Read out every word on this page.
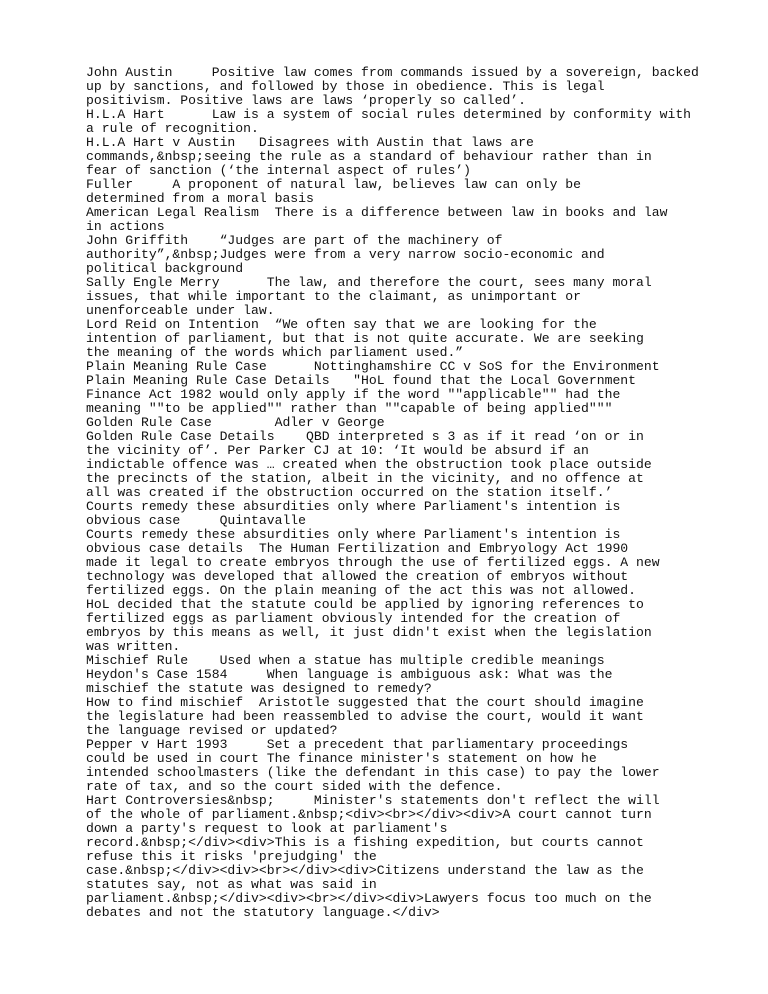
John Austin	Positive law comes from commands issued by a sovereign, backed
up by sanctions, and followed by those in obedience. This is legal
positivism. Positive laws are laws ‘properly so called’.
H.L.A Hart	Law is a system of social rules determined by conformity with
a rule of recognition.
H.L.A Hart v Austin   Disagrees with Austin that laws are
commands,&nbsp;seeing the rule as a standard of behaviour rather than in
fear of sanction (‘the internal aspect of rules’)
Fuller     A proponent of natural law, believes law can only be
determined from a moral basis
American Legal Realism	There is a difference between law in books and law
in actions
John Griffith    “Judges are part of the machinery of
authority”,&nbsp;Judges were from a very narrow socio-economic and
political background
Sally Engle Merry      The law, and therefore the court, sees many moral
issues, that while important to the claimant, as unimportant or
unenforceable under law.
Lord Reid on Intention	“We often say that we are looking for the
intention of parliament, but that is not quite accurate. We are seeking
the meaning of the words which parliament used.”
Plain Meaning Rule Case      Nottinghamshire CC v SoS for the Environment
Plain Meaning Rule Case Details   "HoL found that the Local Government
Finance Act 1982 would only apply if the word ""applicable"" had the
meaning ""to be applied"" rather than ""capable of being applied"""
Golden Rule Case	Adler v George
Golden Rule Case Details    QBD interpreted s 3 as if it read ‘on or in
the vicinity of’. Per Parker CJ at 10: ‘It would be absurd if an
indictable offence was … created when the obstruction took place outside
the precincts of the station, albeit in the vicinity, and no offence at
all was created if the obstruction occurred on the station itself.’
Courts remedy these absurdities only where Parliament's intention is
obvious case     Quintavalle
Courts remedy these absurdities only where Parliament's intention is
obvious case details  The Human Fertilization and Embryology Act 1990
made it legal to create embryos through the use of fertilized eggs. A new
technology was developed that allowed the creation of embryos without
fertilized eggs. On the plain meaning of the act this was not allowed.
HoL decided that the statute could be applied by ignoring references to
fertilized eggs as parliament obviously intended for the creation of
embryos by this means as well, it just didn't exist when the legislation
was written.
Mischief Rule    Used when a statue has multiple credible meanings
Heydon's Case 1584     When language is ambiguous ask: What was the
mischief the statute was designed to remedy?
How to find mischief  Aristotle suggested that the court should imagine
the legislature had been reassembled to advise the court, would it want
the language revised or updated?
Pepper v Hart 1993     Set a precedent that parliamentary proceedings
could be used in court The finance minister's statement on how he
intended schoolmasters (like the defendant in this case) to pay the lower
rate of tax, and so the court sided with the defence.
Hart Controversies&nbsp;     Minister's statements don't reflect the will
of the whole of parliament.&nbsp;<div><br></div><div>A court cannot turn
down a party's request to look at parliament's
record.&nbsp;</div><div>This is a fishing expedition, but courts cannot
refuse this it risks 'prejudging' the
case.&nbsp;</div><div><br></div><div>Citizens understand the law as the
statutes say, not as what was said in
parliament.&nbsp;</div><div><br></div><div>Lawyers focus too much on the
debates and not the statutory language.</div>
